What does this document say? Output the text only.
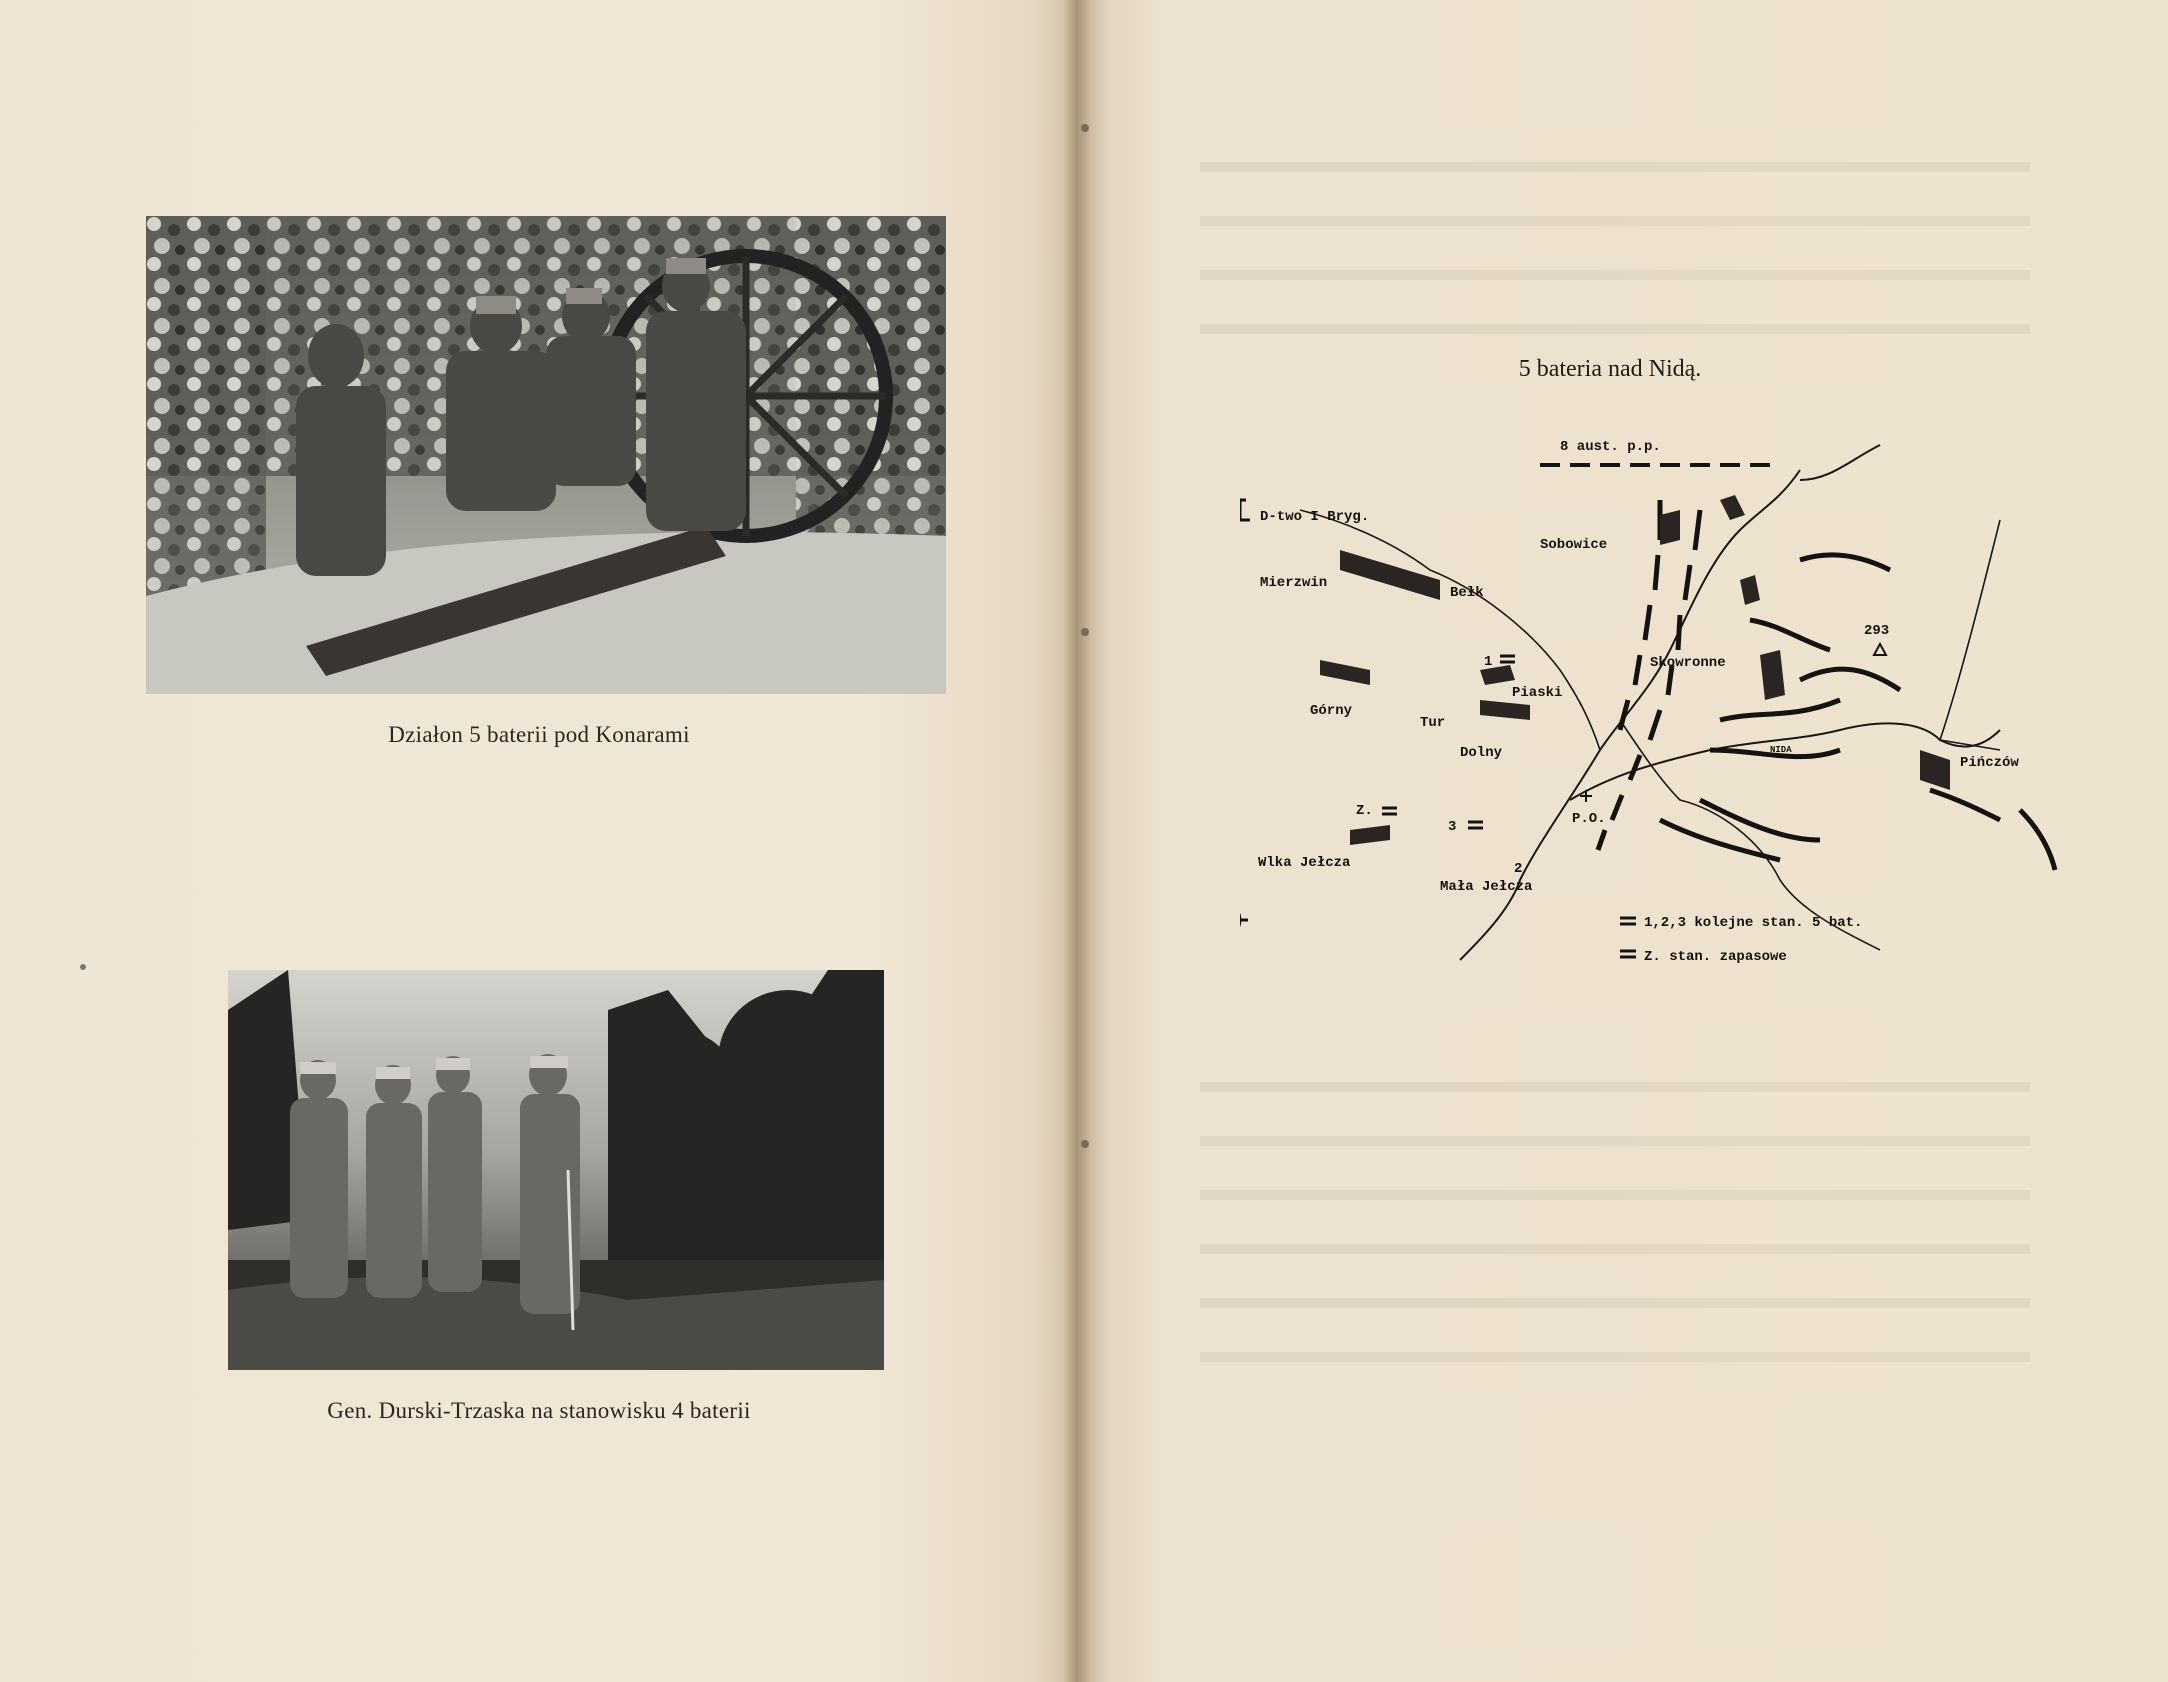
Działon 5 baterii pod Konarami
Gen. Durski-Trzaska na stanowisku 4 baterii
5 bateria nad Nidą.
8 aust. p.p.
D-two I Bryg.
Sobowice
Mierzwin
Bełk
Skowronne
293
Pińczów
NIDA
1
Piaski
Górny
Tur
Dolny
Z.
3	P.O.
Wlka Jełcza	2
Mała Jełcza
1,2,3 kolejne stan. 5 bat.
Z. stan. zapasowe
